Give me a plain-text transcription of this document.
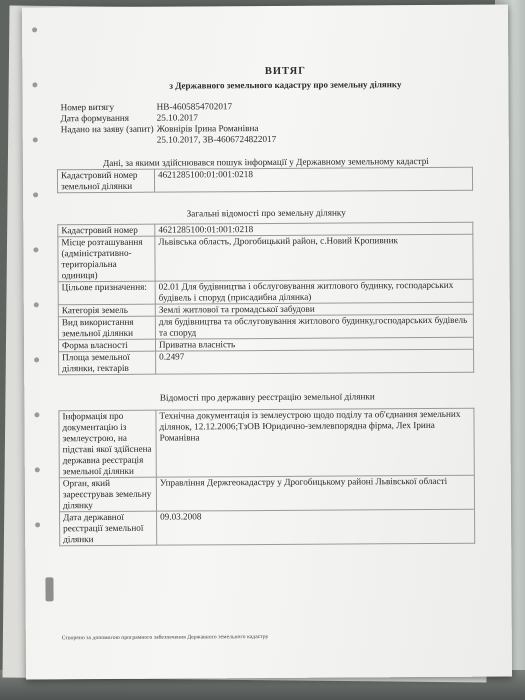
ВИТЯГ
з Державного земельного кадастру про земельну ділянку
Номер витягу	НВ-4605854702017
Дата формування	25.10.2017
Надано на заяву (запит) Жовнірів Ірина Романівна
25.10.2017, ЗВ-4606724822017
Дані, за якими здійснювався пошук інформації у Державному земельному кадастрі
Кадастровий номер земельної ділянки	4621285100:01:001:0218
Загальні відомості про земельну ділянку
Кадастровий номер	4621285100:01:001:0218
Місце розташування (адміністративно-територіальна одиниця)	Львівська область, Дрогобицький район, с.Новий Кропивник
Цільове призначення:	02.01 Для будівництва і обслуговування житлового будинку, господарських будівель і споруд (присадибна ділянка)
Категорія земель	Землі житлової та громадської забудови
Вид використання земельної ділянки	для будівництва та обслуговування житлового будинку,господарських будівель та споруд
Форма власності	Приватна власність
Площа земельної ділянки, гектарів	0.2497
Відомості про державну реєстрацію земельної ділянки
Інформація про документацію із землеустрою, на підставі якої здійснена державна реєстрація земельної ділянки	Технічна документація із землеустрою щодо поділу та об'єднання земельних ділянок, 12.12.2006;ТзОВ Юридично-землевпорядна фірма, Лех Ірина Романівна
Орган, який зареєстрував земельну ділянку	Управління Держгеокадастру у Дрогобицькому районі Львівської області
Дата державної реєстрації земельної ділянки	09.03.2008
Створено за допомогою програмного забезпечення Державного земельного кадастру
